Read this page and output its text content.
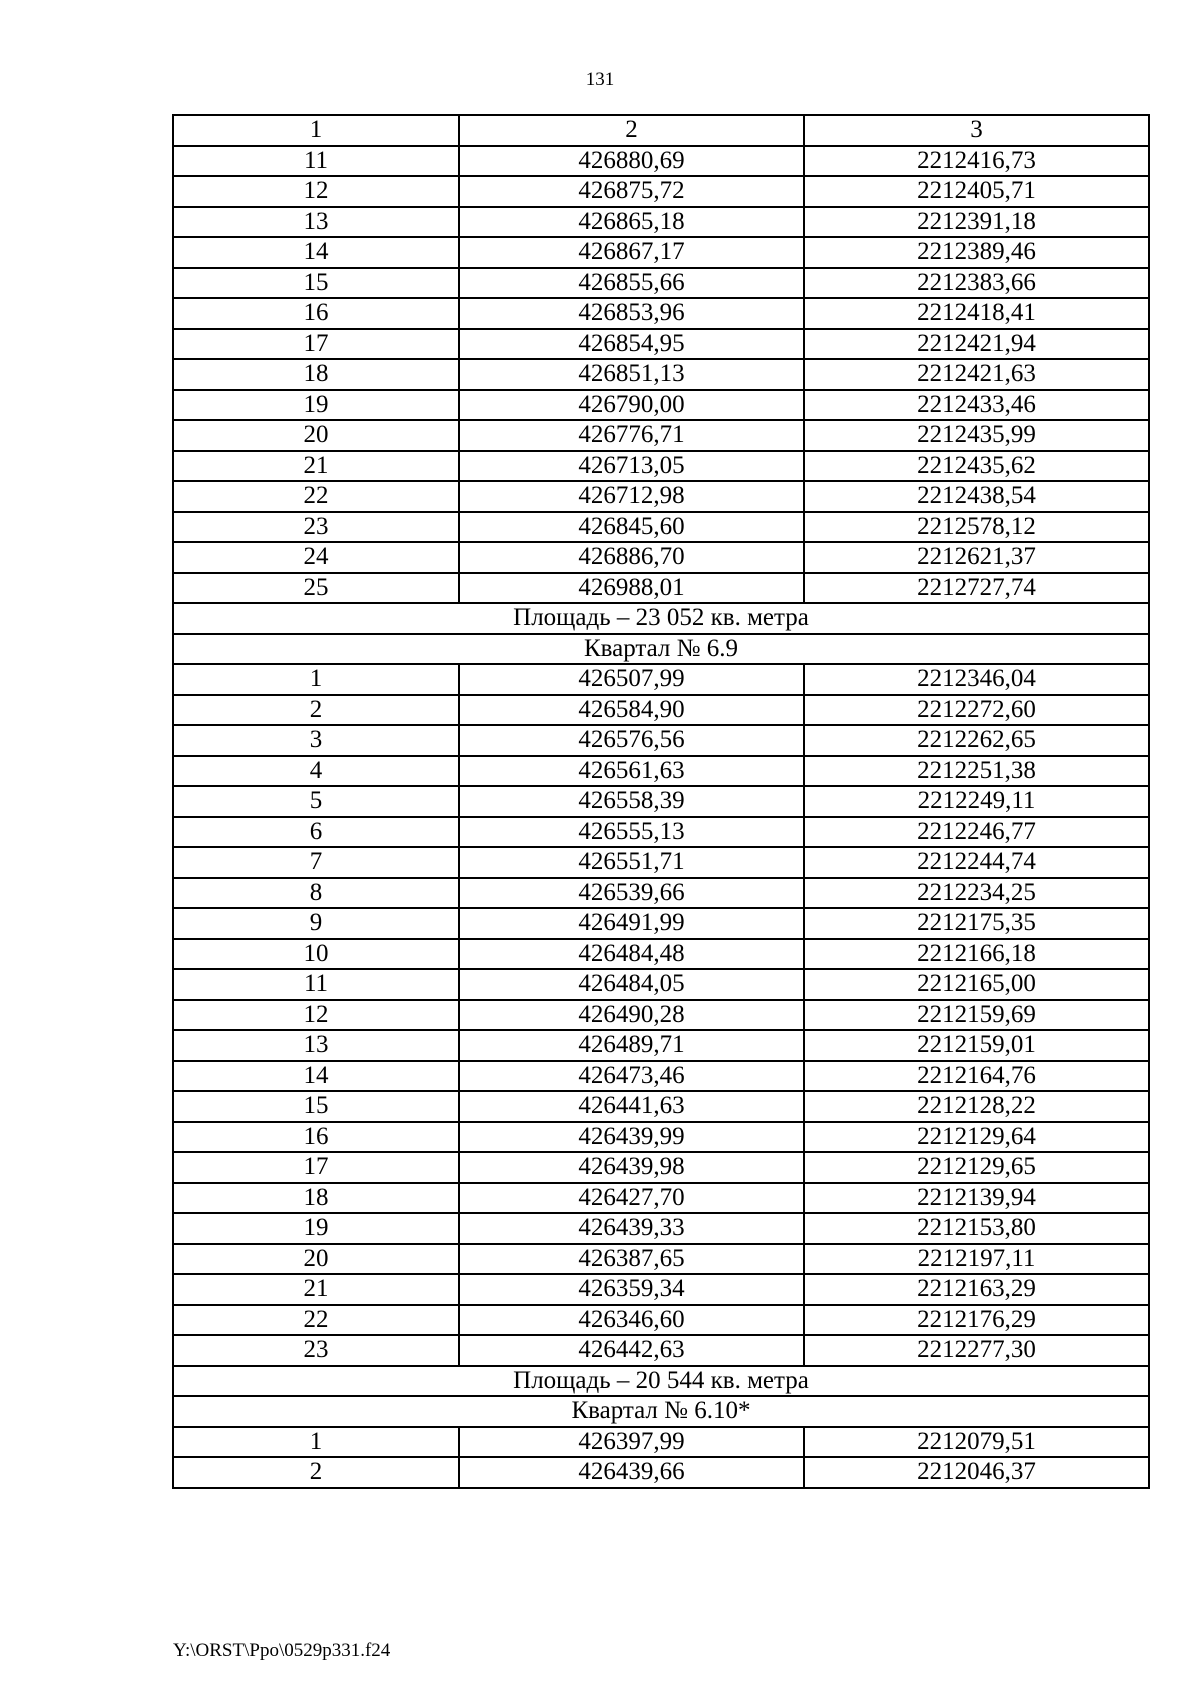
131
1	2	3
11	426880,69	2212416,73
12	426875,72	2212405,71
13	426865,18	2212391,18
14	426867,17	2212389,46
15	426855,66	2212383,66
16	426853,96	2212418,41
17	426854,95	2212421,94
18	426851,13	2212421,63
19	426790,00	2212433,46
20	426776,71	2212435,99
21	426713,05	2212435,62
22	426712,98	2212438,54
23	426845,60	2212578,12
24	426886,70	2212621,37
25	426988,01	2212727,74
Площадь – 23 052 кв. метра		
Квартал № 6.9		
1	426507,99	2212346,04
2	426584,90	2212272,60
3	426576,56	2212262,65
4	426561,63	2212251,38
5	426558,39	2212249,11
6	426555,13	2212246,77
7	426551,71	2212244,74
8	426539,66	2212234,25
9	426491,99	2212175,35
10	426484,48	2212166,18
11	426484,05	2212165,00
12	426490,28	2212159,69
13	426489,71	2212159,01
14	426473,46	2212164,76
15	426441,63	2212128,22
16	426439,99	2212129,64
17	426439,98	2212129,65
18	426427,70	2212139,94
19	426439,33	2212153,80
20	426387,65	2212197,11
21	426359,34	2212163,29
22	426346,60	2212176,29
23	426442,63	2212277,30
Площадь – 20 544 кв. метра		
Квартал № 6.10*		
1	426397,99	2212079,51
2	426439,66	2212046,37
Y:\ORST\Ppo\0529p331.f24
